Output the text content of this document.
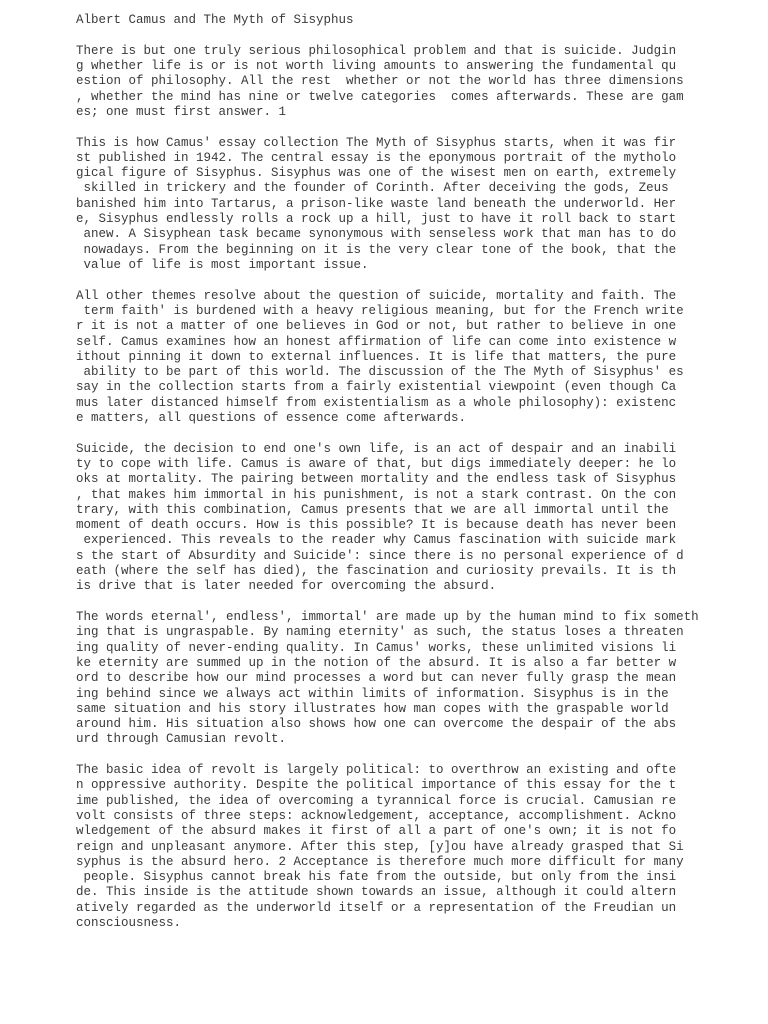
Albert Camus and The Myth of Sisyphus
There is but one truly serious philosophical problem and that is suicide. Judgin
g whether life is or is not worth living amounts to answering the fundamental qu
estion of philosophy. All the rest  whether or not the world has three dimensions
, whether the mind has nine or twelve categories  comes afterwards. These are gam
es; one must first answer. 1
This is how Camus' essay collection The Myth of Sisyphus starts, when it was fir
st published in 1942. The central essay is the eponymous portrait of the mytholo
gical figure of Sisyphus. Sisyphus was one of the wisest men on earth, extremely
skilled in trickery and the founder of Corinth. After deceiving the gods, Zeus
banished him into Tartarus, a prison-like waste land beneath the underworld. Her
e, Sisyphus endlessly rolls a rock up a hill, just to have it roll back to start
anew. A Sisyphean task became synonymous with senseless work that man has to do
nowadays. From the beginning on it is the very clear tone of the book, that the
value of life is most important issue.
All other themes resolve about the question of suicide, mortality and faith. The
term faith' is burdened with a heavy religious meaning, but for the French write
r it is not a matter of one believes in God or not, but rather to believe in one
self. Camus examines how an honest affirmation of life can come into existence w
ithout pinning it down to external influences. It is life that matters, the pure
ability to be part of this world. The discussion of the The Myth of Sisyphus' es
say in the collection starts from a fairly existential viewpoint (even though Ca
mus later distanced himself from existentialism as a whole philosophy): existenc
e matters, all questions of essence come afterwards.
Suicide, the decision to end one's own life, is an act of despair and an inabili
ty to cope with life. Camus is aware of that, but digs immediately deeper: he lo
oks at mortality. The pairing between mortality and the endless task of Sisyphus
, that makes him immortal in his punishment, is not a stark contrast. On the con
trary, with this combination, Camus presents that we are all immortal until the
moment of death occurs. How is this possible? It is because death has never been
experienced. This reveals to the reader why Camus fascination with suicide mark
s the start of Absurdity and Suicide': since there is no personal experience of d
eath (where the self has died), the fascination and curiosity prevails. It is th
is drive that is later needed for overcoming the absurd.
The words eternal', endless', immortal' are made up by the human mind to fix someth
ing that is ungraspable. By naming eternity' as such, the status loses a threaten
ing quality of never-ending quality. In Camus' works, these unlimited visions li
ke eternity are summed up in the notion of the absurd. It is also a far better w
ord to describe how our mind processes a word but can never fully grasp the mean
ing behind since we always act within limits of information. Sisyphus is in the
same situation and his story illustrates how man copes with the graspable world
around him. His situation also shows how one can overcome the despair of the abs
urd through Camusian revolt.
The basic idea of revolt is largely political: to overthrow an existing and ofte
n oppressive authority. Despite the political importance of this essay for the t
ime published, the idea of overcoming a tyrannical force is crucial. Camusian re
volt consists of three steps: acknowledgement, acceptance, accomplishment. Ackno
wledgement of the absurd makes it first of all a part of one's own; it is not fo
reign and unpleasant anymore. After this step, [y]ou have already grasped that Si
syphus is the absurd hero. 2 Acceptance is therefore much more difficult for many
people. Sisyphus cannot break his fate from the outside, but only from the insi
de. This inside is the attitude shown towards an issue, although it could altern
atively regarded as the underworld itself or a representation of the Freudian un
consciousness.
